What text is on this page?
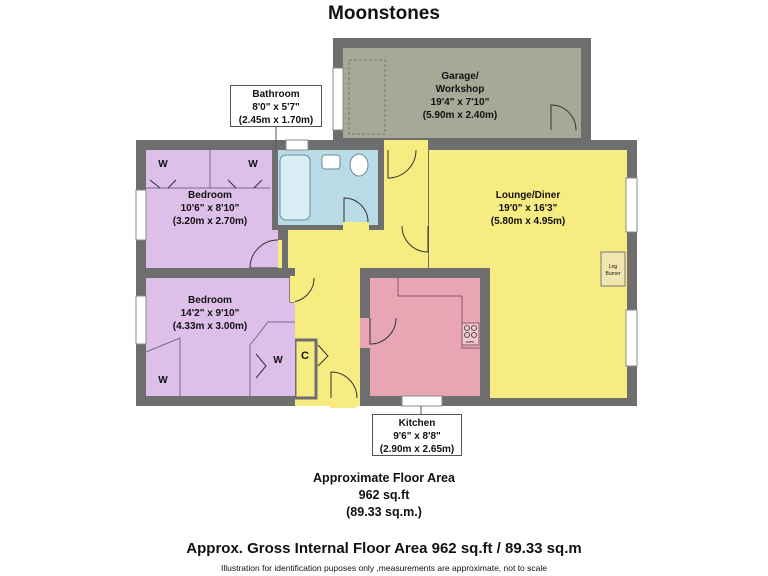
Moonstones
Log
Burner
C
W	W
W
W
oven
Garage/
Workshop
19'4" x 7'10"
(5.90m x 2.40m)
Lounge/Diner
19'0" x 16'3"
(5.80m x 4.95m)
Bedroom
10'6" x 8'10"
(3.20m x 2.70m)
Bedroom
14'2" x 9'10"
(4.33m x 3.00m)
Bathroom
8'0" x 5'7"
(2.45m x 1.70m)
Kitchen
9'6" x 8'8"
(2.90m x 2.65m)
Approximate Floor Area
962 sq.ft
(89.33 sq.m.)
Approx. Gross Internal Floor Area 962 sq.ft / 89.33 sq.m
Illustration for identification puposes only ,measurements are approximate, not to scale
